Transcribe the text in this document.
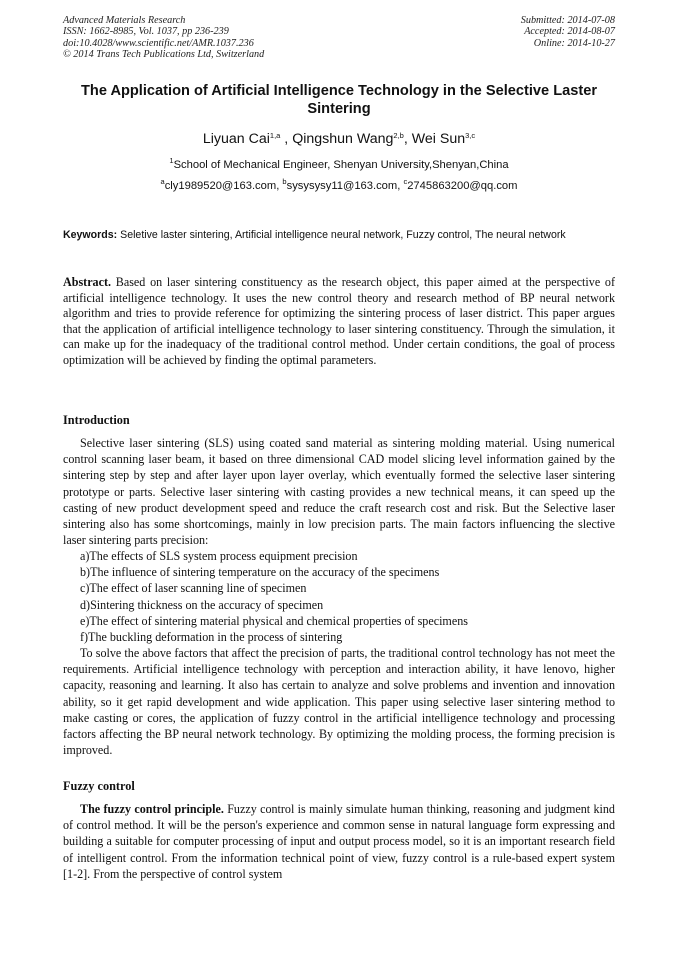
Advanced Materials Research
ISSN: 1662-8985, Vol. 1037, pp 236-239
doi:10.4028/www.scientific.net/AMR.1037.236
© 2014 Trans Tech Publications Ltd, Switzerland
Submitted: 2014-07-08
Accepted: 2014-08-07
Online: 2014-10-27
The Application of Artificial Intelligence Technology in the Selective Laster Sintering
Liyuan Cai$^{1,a}$ , Qingshun Wang$^{2,b}$, Wei Sun$^{3,c}$
$^1$School of Mechanical Engineer, Shenyan University,Shenyan,China
$^a$cly1989520@163.com, $^b$sysysysy11@163.com, $^c$2745863200@qq.com
Keywords: Seletive laster sintering, Artificial intelligence neural network, Fuzzy control, The neural network
Abstract. Based on laser sintering constituency as the research object, this paper aimed at the perspective of artificial intelligence technology. It uses the new control theory and research method of BP neural network algorithm and tries to provide reference for optimizing the sintering process of laser district. This paper argues that the application of artificial intelligence technology to laser sintering constituency. Through the simulation, it can make up for the inadequacy of the traditional control method. Under certain conditions, the goal of process optimization will be achieved by finding the optimal parameters.
Introduction
Selective laser sintering (SLS) using coated sand material as sintering molding material. Using numerical control scanning laser beam, it based on three dimensional CAD model slicing level information gained by the sintering step by step and after layer upon layer overlay, which eventually formed the selective laser sintering prototype or parts. Selective laser sintering with casting provides a new technical means, it can speed up the casting of new product development speed and reduce the craft research cost and risk. But the Selective laser sintering also has some shortcomings, mainly in low precision parts. The main factors influencing the slective laser sintering parts precision:
a)The effects of SLS system process equipment precision
b)The influence of sintering temperature on the accuracy of the specimens
c)The effect of laser scanning line of specimen
d)Sintering thickness on the accuracy of specimen
e)The effect of sintering material physical and chemical properties of specimens
f)The buckling deformation in the process of sintering
To solve the above factors that affect the precision of parts, the traditional control technology has not meet the requirements. Artificial intelligence technology with perception and interaction ability, it have lenovo, higher capacity, reasoning and learning. It also has certain to analyze and solve problems and invention and innovation ability, so it get rapid development and wide application. This paper using selective laser sintering method to make casting or cores, the application of fuzzy control in the artificial intelligence technology and processing factors affecting the BP neural network technology. By optimizing the molding process, the forming precision is improved.
Fuzzy control
The fuzzy control principle. Fuzzy control is mainly simulate human thinking, reasoning and judgment kind of control method. It will be the person's experience and common sense in natural language form expressing and building a suitable for computer processing of input and output process model, so it is an important research field of intelligent control. From the information technical point of view, fuzzy control is a rule-based expert system [1-2]. From the perspective of control system
